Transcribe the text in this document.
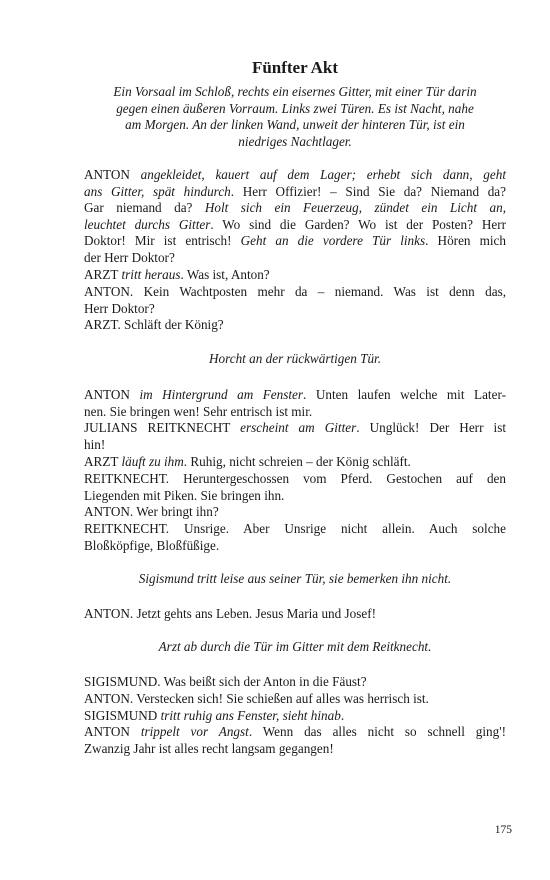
Fünfter Akt
Ein Vorsaal im Schloß, rechts ein eisernes Gitter, mit einer Tür darin
gegen einen äußeren Vorraum. Links zwei Türen. Es ist Nacht, nahe
am Morgen. An der linken Wand, unweit der hinteren Tür, ist ein
niedriges Nachtlager.
ANTON angekleidet, kauert auf dem Lager; erhebt sich dann, geht
ans Gitter, spät hindurch. Herr Offizier! – Sind Sie da? Niemand da?
Gar niemand da? Holt sich ein Feuerzeug, zündet ein Licht an,
leuchtet durchs Gitter. Wo sind die Garden? Wo ist der Posten? Herr
Doktor! Mir ist entrisch! Geht an die vordere Tür links. Hören mich
der Herr Doktor?
ARZT tritt heraus. Was ist, Anton?
ANTON. Kein Wachtposten mehr da – niemand. Was ist denn das,
Herr Doktor?
ARZT. Schläft der König?
Horcht an der rückwärtigen Tür.
ANTON im Hintergrund am Fenster. Unten laufen welche mit Later-
nen. Sie bringen wen! Sehr entrisch ist mir.
JULIANS REITKNECHT erscheint am Gitter. Unglück! Der Herr ist
hin!
ARZT läuft zu ihm. Ruhig, nicht schreien – der König schläft.
REITKNECHT. Heruntergeschossen vom Pferd. Gestochen auf den
Liegenden mit Piken. Sie bringen ihn.
ANTON. Wer bringt ihn?
REITKNECHT. Unsrige. Aber Unsrige nicht allein. Auch solche
Bloßköpfige, Bloßfüßige.
Sigismund tritt leise aus seiner Tür, sie bemerken ihn nicht.
ANTON. Jetzt gehts ans Leben. Jesus Maria und Josef!
Arzt ab durch die Tür im Gitter mit dem Reitknecht.
SIGISMUND. Was beißt sich der Anton in die Fäust?
ANTON. Verstecken sich! Sie schießen auf alles was herrisch ist.
SIGISMUND tritt ruhig ans Fenster, sieht hinab.
ANTON trippelt vor Angst. Wenn das alles nicht so schnell ging'!
Zwanzig Jahr ist alles recht langsam gegangen!
175
